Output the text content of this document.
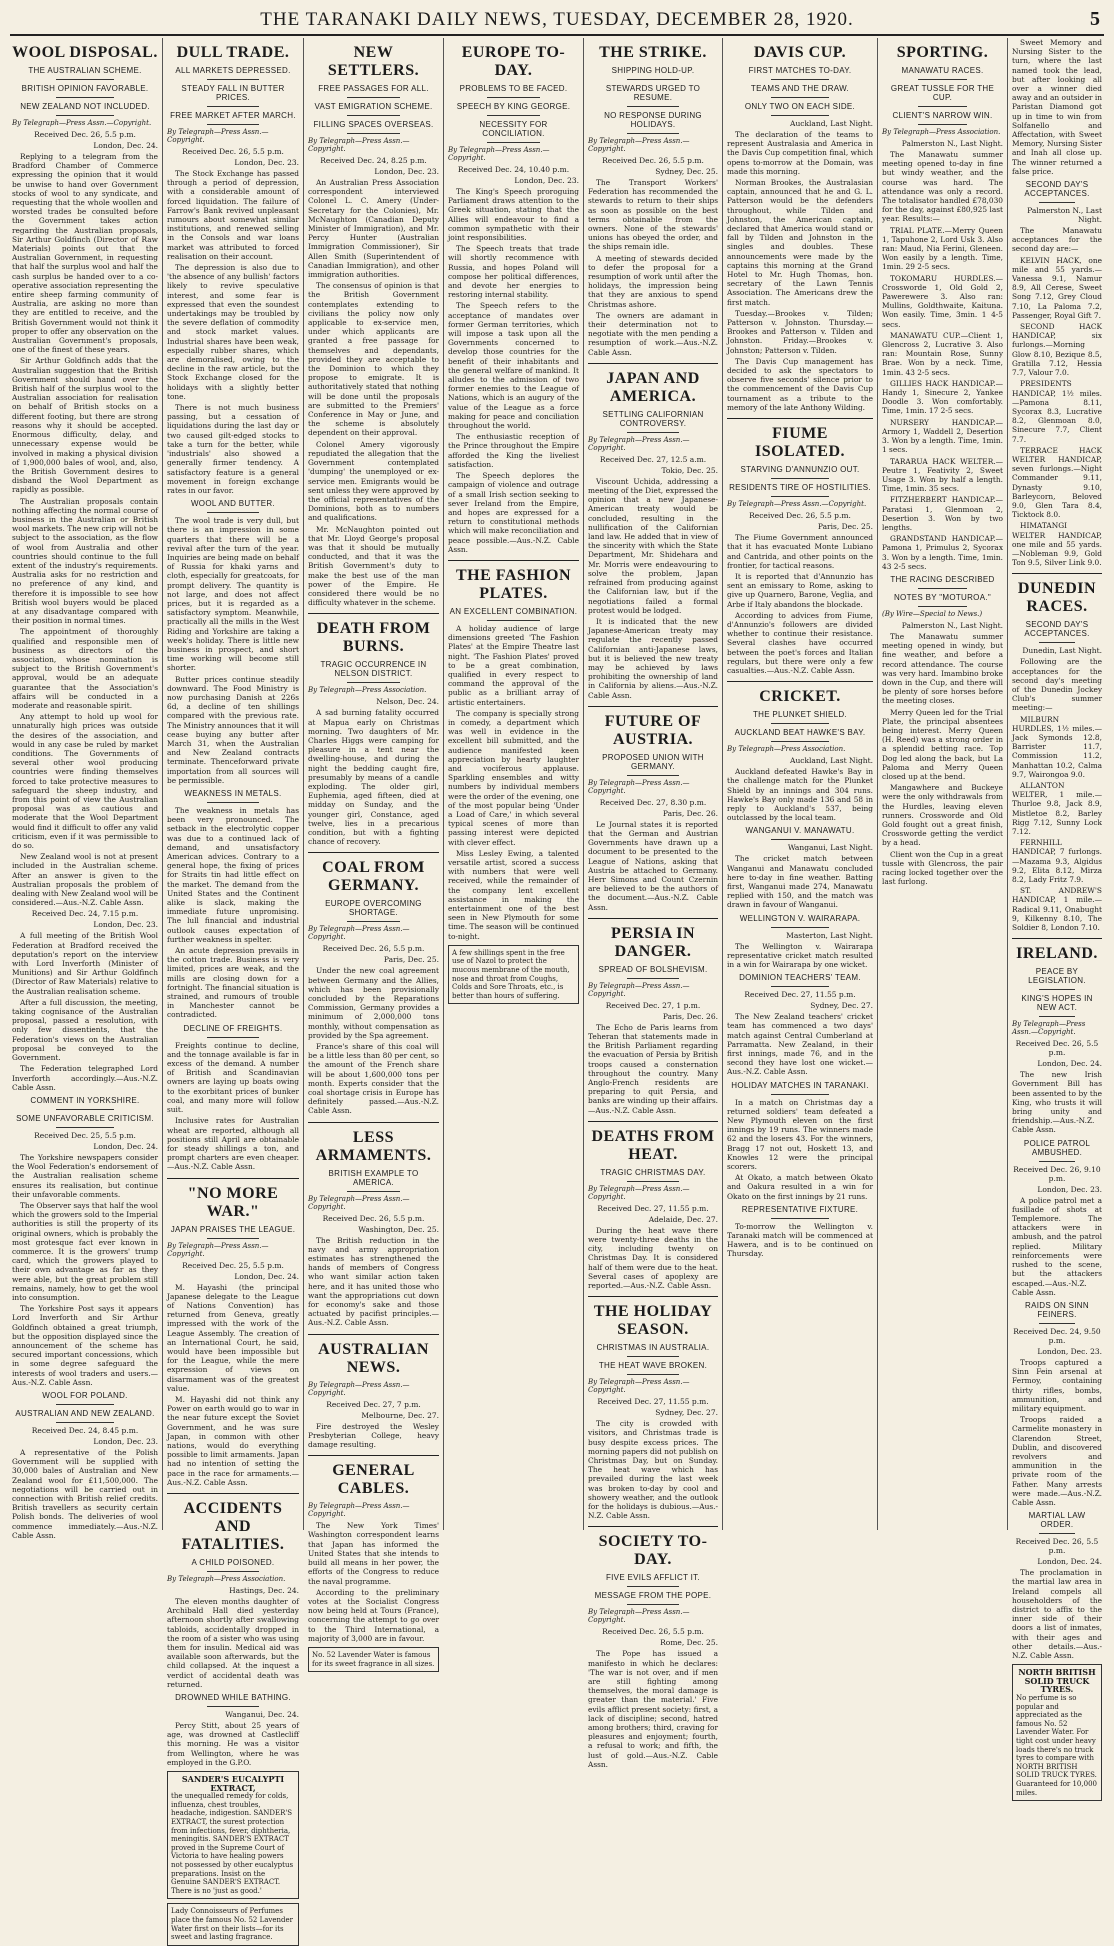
THE TARANAKI DAILY NEWS, TUESDAY, DECEMBER 28, 1920.	5
WOOL DISPOSAL.
THE AUSTRALIAN SCHEME.
BRITISH OPINION FAVORABLE.
NEW ZEALAND NOT INCLUDED.
By Telegraph—Press Assn.—Copyright.
Received Dec. 26, 5.5 p.m.
London, Dec. 24.

Replying to a telegram from the Bradford Chamber of Commerce expressing the opinion that it would be unwise to hand over Government stocks of wool to any syndicate, and requesting that the whole woollen and worsted trades be consulted before the Government takes action regarding the Australian proposals, Sir Arthur Goldfinch (Director of Raw Materials) points out that the Australian Government, in requesting that half the surplus wool and half the cash surplus be handed over to a co-operative association representing the entire sheep farming community of Australia, are asking no more than they are entitled to receive, and the British Government would not think it proper to offer any observation on the Australian Government's proposals, one of the finest of these years.

Sir Arthur Goldfinch adds that the Australian suggestion that the British Government should hand over the British half of the surplus wool to the Australian association for realisation on behalf of British stocks on a different footing, but there are strong reasons why it should be accepted. Enormous difficulty, delay, and unnecessary expense would be involved in making a physical division of 1,900,000 bales of wool, and, also, the British Government desires to disband the Wool Department as rapidly as possible.

The Australian proposals contain nothing affecting the normal course of business in the Australian or British wool markets. The new crip will not be subject to the association, as the flow of wool from Australia and other countries should continue to the full extent of the industry's requirements. Australia asks for no restriction and no preference of any kind, and therefore it is impossible to see how British wool buyers would be placed at any disadvantage compared with their position in normal times.

The appointment of thoroughly qualified and responsible men of business as directors of the association, whose nomination is subject to the British Government's approval, would be an adequate guarantee that the Association's affairs will be conducted in a moderate and reasonable spirit.

Any attempt to hold up wool for unnaturally high prices was outside the desires of the association, and would in any case be ruled by market conditions. The Governments of several other wool producing countries were finding themselves forced to take protective measures to safeguard the sheep industry, and from this point of view the Australian proposal was as cautious and moderate that the Wool Department would find it difficult to offer any valid criticism, even if it was permissible to do so.

New Zealand wool is not at present included in the Australian scheme. After an answer is given to the Australian proposals the problem of dealing with New Zealand wool will be considered.—Aus.-N.Z. Cable Assn.

Received Dec. 24, 7.15 p.m.
London, Dec. 23.

A full meeting of the British Wool Federation at Bradford received the deputation's report on the interview with Lord Inverforth (Minister of Munitions) and Sir Arthur Goldfinch (Director of Raw Materials) relative to the Australian realisation scheme.

After a full discussion, the meeting, taking cognisance of the Australian proposal, passed a resolution, with only few dissentients, that the Federation's views on the Australian proposal be conveyed to the Government.

The Federation telegraphed Lord Inverforth accordingly.—Aus.-N.Z. Cable Assn.

COMMENT IN YORKSHIRE.
SOME UNFAVORABLE CRITICISM.
Received Dec. 25, 5.5 p.m.
London, Dec. 24.

The Yorkshire newspapers consider the Wool Federation's endorsement of the Australian realisation scheme ensures its realisation, but continue their unfavorable comments.

The Observer says that half the wool which the growers sold to the Imperial authorities is still the property of its original owners, which is probably the most grotesque fact ever known in commerce. It is the growers' trump card, which the growers played to their own advantage as far as they were able, but the great problem still remains, namely, how to get the wool into consumption.

The Yorkshire Post says it appears Lord Inverforth and Sir Arthur Goldfinch obtained a great triumph, but the opposition displayed since the announcement of the scheme has secured important concessions, which in some degree safeguard the interests of wool traders and users.—Aus.-N.Z. Cable Assn.

WOOL FOR POLAND.
AUSTRALIAN AND NEW ZEALAND.
Received Dec. 24, 8.45 p.m.
London, Dec. 23.

A representative of the Polish Government will be supplied with 30,000 bales of Australian and New Zealand wool for £11,500,000. The negotiations will be carried out in connection with British relief credits. British travellers as security certain Polish bonds. The deliveries of wool commence immediately.—Aus.-N.Z. Cable Assn.

DULL TRADE.
ALL MARKETS DEPRESSED.
STEADY FALL IN BUTTER PRICES.
FREE MARKET AFTER MARCH.
By Telegraph—Press Assn.—Copyright.
Received Dec. 26, 5.5 p.m.
London, Dec. 23.

The Stock Exchange has passed through a period of depression, with a considerable amount of forced liquidation. The failure of Farrow's Bank revived unpleasant rumours about somewhat similar institutions, and renewed selling in the Consols and war loans market was attributed to forced realisation on their account.

The depression is also due to 'the absence of any bullish' factors likely to revive speculative interest, and some fear is expressed that even the soundest undertakings may be troubled by the severe deflation of commodity and stock market values. Industrial shares have been weak, especially rubber shares, which are demoralised, owing to the decline in the raw article, but the Stock Exchange closed for the holidays with a slightly better tone.

There is not much business passing, but a cessation of liquidations during the last day or two caused gilt-edged stocks to take a turn for the better, while 'industrials' also showed a generally firmer tendency. A satisfactory feature is a general movement in foreign exchange rates in our favor.

WOOL AND BUTTER.

The wool trade is very dull, but there is an impression in some quarters that there will be a revival after the turn of the year. Inquiries are being made on behalf of Russia for khaki yarns and cloth, especially for greatcoats, for prompt delivery. The quantity is not large, and does not affect prices, but it is regarded as a satisfactory symptom. Meanwhile, practically all the mills in the West Riding and Yorkshire are taking a week's holiday. There is little new business in prospect, and short time working will become still shorter.

Butter prices continue steadily downward. The Food Ministry is now purchasing Danish at 226s 6d, a decline of ten shillings compared with the previous rate. The Ministry announces that it will cease buying any butter after March 31, when the Australian and New Zealand contracts terminate. Thenceforward private importation from all sources will be permissible.

WEAKNESS IN METALS.

The weakness in metals has been very pronounced. The setback in the electrolytic copper was due to a continued lack of demand, and unsatisfactory American advices. Contrary to a general hope, the fixing of prices for Straits tin had little effect on the market. The demand from the United States and the Continent alike is slack, making the immediate future unpromising. The lull financial and industrial outlook causes expectation of further weakness in spelter.

An acute depression prevails in the cotton trade. Business is very limited, prices are weak, and the mills are closing down for a fortnight. The financial situation is strained, and rumours of trouble in Manchester cannot be contradicted.

DECLINE OF FREIGHTS.

Freights continue to decline, and the tonnage available is far in excess of the demand. A number of British and Scandinavian owners are laying up boats owing to the exorbitant prices of bunker coal, and many more will follow suit.

Inclusive rates for Australian wheat are reported, although all positions still April are obtainable for steady shillings a ton, and prompt charters are even cheaper.—Aus.-N.Z. Cable Assn.

"NO MORE WAR."
JAPAN PRAISES THE LEAGUE.
By Telegraph—Press Assn.—Copyright.
Received Dec. 25, 5.5 p.m.
London, Dec. 24.

M. Hayashi (the principal Japanese delegate to the League of Nations Convention) has returned from Geneva, greatly impressed with the work of the League Assembly. The creation of an International Court, he said, would have been impossible but for the League, while the mere expression of views on disarmament was of the greatest value.

M. Hayashi did not think any Power on earth would go to war in the near future except the Soviet Government, and he was sure Japan, in common with other nations, would do everything possible to limit armaments. Japan had no intention of setting the pace in the race for armaments.—Aus.-N.Z. Cable Assn.

ACCIDENTS AND FATALITIES.
A CHILD POISONED.
By Telegraph—Press Association.
Hastings, Dec. 24.

The eleven months daughter of Archibald Hall died yesterday afternoon shortly after swallowing tabloids, accidentally dropped in the room of a sister who was using them for insulin. Medical aid was available soon afterwards, but the child collapsed. At the inquest a verdict of accidental death was returned.

DROWNED WHILE BATHING.
Wanganui, Dec. 24.

Percy Stitt, about 25 years of age, was drowned at Castlecliff this morning. He was a visitor from Wellington, where he was employed in the G.P.O.

SANDER'S EUCALYPTI EXTRACT,
the unequalled remedy for colds, influenza, chest troubles, headache, indigestion. SANDER'S EXTRACT, the surest protection from infections, fever, diphtheria, meningitis. SANDER'S EXTRACT proved in the Supreme Court of Victoria to have healing powers not possessed by other eucalyptus preparations. Insist on the Genuine SANDER'S EXTRACT. There is no 'just as good.'
Lady Connoisseurs of Perfumes place the famous No. 52 Lavender Water first on their lists—for its sweet and lasting fragrance.
NEW SETTLERS.
FREE PASSAGES FOR ALL.
VAST EMIGRATION SCHEME.
FILLING SPACES OVERSEAS.
By Telegraph—Press Assn.—Copyright.
Received Dec. 24, 8.25 p.m.
London, Dec. 23.

An Australian Press Association correspondent interviewed Colonel L. C. Amery (Under-Secretary for the Colonies), Mr. McNaughton (Canadian Deputy Minister of Immigration), and Mr. Percy Hunter (Australian Immigration Commissioner), Sir Allen Smith (Superintendent of Canadian Immigration), and other immigration authorities.

The consensus of opinion is that the British Government contemplates extending to civilians the policy now only applicable to ex-service men, under which applicants are granted a free passage for themselves and dependants, provided they are acceptable to the Dominion to which they propose to emigrate. It is authoritatively stated that nothing will be done until the proposals are submitted to the Premiers' Conference in May or June, and the scheme is absolutely dependent on their approval.

Colonel Amery vigorously repudiated the allegation that the Government contemplated 'dumping' the unemployed or ex-service men. Emigrants would be sent unless they were approved by the official representatives of the Dominions, both as to numbers and qualifications.

Mr. McNaughton pointed out that Mr. Lloyd George's proposal was that it should be mutually conducted, and that it was the British Government's duty to make the best use of the man power of the Empire. He considered there would be no difficulty whatever in the scheme.

DEATH FROM BURNS.
TRAGIC OCCURRENCE IN NELSON DISTRICT.
By Telegraph—Press Association.
Nelson, Dec. 24.

A sad burning fatality occurred at Mapua early on Christmas morning. Two daughters of Mr. Charles Higgs were camping for pleasure in a tent near the dwelling-house, and during the night the bedding caught fire, presumably by means of a candle exploding. The older girl, Euphemia, aged fifteen, died at midday on Sunday, and the younger girl, Constance, aged twelve, lies in a precarious condition, but with a fighting chance of recovery.

COAL FROM GERMANY.
EUROPE OVERCOMING SHORTAGE.
By Telegraph—Press Assn.—Copyright.
Received Dec. 26, 5.5 p.m.
Paris, Dec. 25.

Under the new coal agreement between Germany and the Allies, which has been provisionally concluded by the Reparations Commission, Germany provides a minimum of 2,000,000 tons monthly, without compensation as provided by the Spa agreement.

France's share of this coal will be a little less than 80 per cent, so the amount of the French share will be about 1,600,000 tons per month. Experts consider that the coal shortage crisis in Europe has definitely passed.—Aus.-N.Z. Cable Assn.

LESS ARMAMENTS.
BRITISH EXAMPLE TO AMERICA.
By Telegraph—Press Assn.—Copyright.
Received Dec. 26, 5.5 p.m.
Washington, Dec. 25.

The British reduction in the navy and army appropriation estimates has strengthened the hands of members of Congress who want similar action taken here, and it has united those who want the appropriations cut down for economy's sake and those actuated by pacifist principles.—Aus.-N.Z. Cable Assn.

AUSTRALIAN NEWS.
By Telegraph—Press Assn.—Copyright.
Received Dec. 27, 7 p.m.
Melbourne, Dec. 27.

Fire destroyed the Wesley Presbyterian College, heavy damage resulting.

GENERAL CABLES.
By Telegraph—Press Assn.—Copyright.

The New York Times' Washington correspondent learns that Japan has informed the United States that she intends to build all means in her power, the efforts of the Congress to reduce the naval programme.

According to the preliminary votes at the Socialist Congress now being held at Tours (France), concerning the attempt to go over to the Third International, a majority of 3,000 are in favour.

No. 52 Lavender Water is famous for its sweet fragrance in all sizes.
EUROPE TO-DAY.
PROBLEMS TO BE FACED.
SPEECH BY KING GEORGE.
NECESSITY FOR CONCILIATION.
By Telegraph—Press Assn.—Copyright.
Received Dec. 24, 10.40 p.m.
London, Dec. 23.

The King's Speech proroguing Parliament draws attention to the Greek situation, stating that the Allies will endeavour to find a common sympathetic with their joint responsibilities.

The Speech treats that trade will shortly recommence with Russia, and hopes Poland will compose her political differences, and devote her energies to restoring internal stability.

The Speech refers to the acceptance of mandates over former German territories, which will impose a task upon all the Governments concerned to develop those countries for the benefit of their inhabitants and the general welfare of mankind. It alludes to the admission of two former enemies to the League of Nations, which is an augury of the value of the League as a force making for peace and conciliation throughout the world.

The enthusiastic reception of the Prince throughout the Empire afforded the King the liveliest satisfaction.

The Speech deplores the campaign of violence and outrage of a small Irish section seeking to sever Ireland from the Empire, and hopes are expressed for a return to constitutional methods which will make reconciliation and peace possible.—Aus.-N.Z. Cable Assn.

THE FASHION PLATES.
AN EXCELLENT COMBINATION.

A holiday audience of large dimensions greeted 'The Fashion Plates' at the Empire Theatre last night. 'The Fashion Plates' proved to be a great combination, qualified in every respect to command the approval of the public as a brilliant array of artistic entertainers.

The company is specially strong in comedy, a department which was well in evidence in the excellent bill submitted, and the audience manifested keen appreciation by hearty laughter and vociferous applause. Sparkling ensembles and witty numbers by individual members were the order of the evening, one of the most popular being 'Under a Load of Care,' in which several typical scenes of more than passing interest were depicted with clever effect.

Miss Lesley Ewing, a talented versatile artist, scored a success with numbers that were well received, while the remainder of the company lent excellent assistance in making the entertainment one of the best seen in New Plymouth for some time. The season will be continued to-night.

A few shillings spent in the free use of Nazol to protect the mucous membrane of the mouth, nose and throat from Coughs, Colds and Sore Throats, etc., is better than hours of suffering.
THE STRIKE.
SHIPPING HOLD-UP.
STEWARDS URGED TO RESUME.
NO RESPONSE DURING HOLIDAYS.
By Telegraph—Press Assn.—Copyright.
Received Dec. 26, 5.5 p.m.
Sydney, Dec. 25.

The Transport Workers' Federation has recommended the stewards to return to their ships as soon as possible on the best terms obtainable from the owners. None of the stewards' unions has obeyed the order, and the ships remain idle.

A meeting of stewards decided to defer the proposal for a resumption of work until after the holidays, the impression being that they are anxious to spend Christmas ashore.

The owners are adamant in their determination not to negotiate with the men pending a resumption of work.—Aus.-N.Z. Cable Assn.

JAPAN AND AMERICA.
SETTLING CALIFORNIAN CONTROVERSY.
By Telegraph—Press Assn.—Copyright.
Received Dec. 27, 12.5 a.m.
Tokio, Dec. 25.

Viscount Uchida, addressing a meeting of the Diet, expressed the opinion that a new Japanese-American treaty would be concluded, resulting in the nullification of the Californian land law. He added that in view of the sincerity with which the State Department, Mr. Shidehara and Mr. Morris were endeavouring to solve the problem, Japan refrained from producing against the Californian law, but if the negotiations failed a formal protest would be lodged.

It is indicated that the new Japanese-American treaty may regulate the recently passed Californian anti-Japanese laws, but it is believed the new treaty may be achieved by laws prohibiting the ownership of land in California by aliens.—Aus.-N.Z. Cable Assn.

FUTURE OF AUSTRIA.
PROPOSED UNION WITH GERMANY.
By Telegraph—Press Assn.—Copyright.
Received Dec. 27, 8.30 p.m.
Paris, Dec. 26.

Le Journal states it is reported that the German and Austrian Governments have drawn up a document to be presented to the League of Nations, asking that Austria be attached to Germany. Herr Simons and Count Czernin are believed to be the authors of the document.—Aus.-N.Z. Cable Assn.

PERSIA IN DANGER.
SPREAD OF BOLSHEVISM.
By Telegraph—Press Assn.—Copyright.
Received Dec. 27, 1 p.m.
Paris, Dec. 26.

The Echo de Paris learns from Teheran that statements made in the British Parliament regarding the evacuation of Persia by British troops caused a consternation throughout the country. Many Anglo-French residents are preparing to quit Persia, and banks are winding up their affairs.—Aus.-N.Z. Cable Assn.

DEATHS FROM HEAT.
TRAGIC CHRISTMAS DAY.
By Telegraph—Press Assn.—Copyright.
Received Dec. 27, 11.55 p.m.
Adelaide, Dec. 27.

During the heat wave there were twenty-three deaths in the city, including twenty on Christmas Day. It is considered half of them were due to the heat. Several cases of apoplexy are reported.—Aus.-N.Z. Cable Assn.

THE HOLIDAY SEASON.
CHRISTMAS IN AUSTRALIA.
THE HEAT WAVE BROKEN.
By Telegraph—Press Assn.—Copyright.
Received Dec. 27, 11.55 p.m.
Sydney, Dec. 27.

The city is crowded with visitors, and Christmas trade is busy despite excess prices. The morning papers did not publish on Christmas Day, but on Sunday. The heat wave which has prevailed during the last week was broken to-day by cool and showery weather, and the outlook for the holidays is dubious.—Aus.-N.Z. Cable Assn.

SOCIETY TO-DAY.
FIVE EVILS AFFLICT IT.
MESSAGE FROM THE POPE.
By Telegraph—Press Assn.—Copyright.
Received Dec. 26, 5.5 p.m.
Rome, Dec. 25.

The Pope has issued a manifesto in which he declares: 'The war is not over, and if men are still fighting among themselves, the moral damage is greater than the material.' Five evils afflict present society: first, a lack of discipline; second, hatred among brothers; third, craving for pleasures and enjoyment; fourth, a refusal to work; and fifth, the lust of gold.—Aus.-N.Z. Cable Assn.

DAVIS CUP.
FIRST MATCHES TO-DAY.
TEAMS AND THE DRAW.
ONLY TWO ON EACH SIDE.
Auckland, Last Night.

The declaration of the teams to represent Australasia and America in the Davis Cup competition final, which opens to-morrow at the Domain, was made this morning.

Norman Brookes, the Australasian captain, announced that he and G. L. Patterson would be the defenders throughout, while Tilden and Johnston, the American captain, declared that America would stand or fall by Tilden and Johnston in the singles and doubles. These announcements were made by the captains this morning at the Grand Hotel to Mr. Hugh Thomas, hon. secretary of the Lawn Tennis Association. The Americans drew the first match.

Tuesday.—Brookes v. Tilden; Patterson v. Johnston. Thursday.—Brookes and Patterson v. Tilden and Johnston. Friday.—Brookes v. Johnston; Patterson v. Tilden.

The Davis Cup management has decided to ask the spectators to observe five seconds' silence prior to the commencement of the Davis Cup tournament as a tribute to the memory of the late Anthony Wilding.

FIUME ISOLATED.
STARVING D'ANNUNZIO OUT.
RESIDENTS TIRE OF HOSTILITIES.
By Telegraph—Press Assn.—Copyright.
Received Dec. 26, 5.5 p.m.
Paris, Dec. 25.

The Fiume Government announced that it has evacuated Monte Lubiano and Cantrida, and other points on the frontier, for tactical reasons.

It is reported that d'Annunzio has sent an emissary to Rome, asking to give up Quarnero, Barone, Veglia, and Arbe if Italy abandons the blockade.

According to advices from Fiume, d'Annunzio's followers are divided whether to continue their resistance. Several clashes have occurred between the poet's forces and Italian regulars, but there were only a few casualties.—Aus.-N.Z. Cable Assn.

CRICKET.
THE PLUNKET SHIELD.
AUCKLAND BEAT HAWKE'S BAY.
By Telegraph—Press Association.
Auckland, Last Night.

Auckland defeated Hawke's Bay in the challenge match for the Plunket Shield by an innings and 304 runs. Hawke's Bay only made 136 and 58 in reply to Auckland's 537, being outclassed by the local team.

WANGANUI V. MANAWATU.
Wanganui, Last Night.

The cricket match between Wanganui and Manawatu concluded here to-day in fine weather. Batting first, Wanganui made 274, Manawatu replied with 150, and the match was drawn in favour of Wanganui.

WELLINGTON V. WAIRARAPA.
Masterton, Last Night.

The Wellington v. Wairarapa representative cricket match resulted in a win for Wairarapa by one wicket.

DOMINION TEACHERS' TEAM.
Received Dec. 27, 11.55 p.m.
Sydney, Dec. 27.

The New Zealand teachers' cricket team has commenced a two days' match against Central Cumberland at Parramatta. New Zealand, in their first innings, made 76, and in the second they have lost one wicket.—Aus.-N.Z. Cable Assn.

HOLIDAY MATCHES IN TARANAKI.

In a match on Christmas day a returned soldiers' team defeated a New Plymouth eleven on the first innings by 19 runs. The winners made 62 and the losers 43. For the winners, Bragg 17 not out, Hoskett 13, and Knowles 12 were the principal scorers.

At Okato, a match between Okato and Oakura resulted in a win for Okato on the first innings by 21 runs.

REPRESENTATIVE FIXTURE.

To-morrow the Wellington v. Taranaki match will be commenced at Hawera, and is to be continued on Thursday.

SPORTING.
MANAWATU RACES.
GREAT TUSSLE FOR THE CUP.
CLIENT'S NARROW WIN.
By Telegraph—Press Association.
Palmerston N., Last Night.

The Manawatu summer meeting opened to-day in fine but windy weather, and the course was hard. The attendance was only a record. The totalisator handled £78,030 for the day, against £80,925 last year. Results:—

TRIAL PLATE.—Merry Queen 1, Tapuhone 2, Lord Usk 3. Also ran: Maud, Nia Ferini, Gleneen. Won easily by a length. Time, 1min. 29 2-5 secs.

TOKOMARU HURDLES.—Crossworde 1, Old Gold 2, Pawerewere 3. Also ran: Mullins, Goldthwaite, Kaituna. Won easily. Time, 3min. 1 4-5 secs.

MANAWATU CUP.—Client 1, Glencross 2, Lucrative 3. Also ran: Mountain Rose, Sunny Brae. Won by a neck. Time, 1min. 43 2-5 secs.

GILLIES HACK HANDICAP.—Handy 1, Sinecure 2, Yankee Doodle 3. Won comfortably. Time, 1min. 17 2-5 secs.

NURSERY HANDICAP.—Armory 1, Waddell 2, Desertion 3. Won by a length. Time, 1min. 1 secs.

TARARUA HACK WELTER.—Peutre 1, Feativity 2, Sweet Usage 3. Won by half a length. Time, 1min. 35 secs.

FITZHERBERT HANDICAP.—Paratasi 1, Glenmoan 2, Desertion 3. Won by two lengths.

GRANDSTAND HANDICAP.—Pamona 1, Primulus 2, Sycorax 3. Won by a length. Time, 1min. 43 2-5 secs.

THE RACING DESCRIBED
NOTES BY "MOTUROA."
(By Wire—Special to News.)
Palmerston N., Last Night.

The Manawatu summer meeting opened in windy, but fine weather, and before a record attendance. The course was very hard. Imambino broke down in the Cup, and there will be plenty of sore horses before the meeting closes.

Merry Queen led for the Trial Plate, the principal absentees being interest. Merry Queen (H. Reed) was a strong order in a splendid betting race. Top Dog led along the back, but La Paloma and Merry Queen closed up at the bend.

Mangawhere and Buckeye were the only withdrawals from the Hurdles, leaving eleven runners. Crossworde and Old Gold fought out a great finish, Crossworde getting the verdict by a head.

Client won the Cup in a great tussle with Glencross, the pair racing locked together over the last furlong.

Sweet Memory and Nursing Sister to the turn, where the last named took the lead, but after looking all over a winner died away and an outsider in Paristan Diamond got up in time to win from Solfanello and Affectation, with Sweet Memory, Nursing Sister and Inah all close up. The winner returned a false price.

SECOND DAY'S ACCEPTANCES.
Palmerston N., Last Night.

The Manawatu acceptances for the second day are:—

KELVIN HACK, one mile and 55 yards.—Vanessa 9.1, Namur 8.9, All Cerese, Sweet Song 7.12, Grey Cloud 7.10, La Paloma 7.2, Passenger, Royal Gift 7.

SECOND HACK HANDICAP, six furlongs.—Morning Glow 8.10, Bezique 8.5, Gratilla 7.12, Hessia 7.7, Valour 7.0.

PRESIDENTS HANDICAP, 1½ miles.—Pamona 8.11, Sycorax 8.3, Lucrative 8.2, Glenmoan 8.0, Sinecure 7.7, Client 7.7.

TERRACE HACK WELTER HANDICAP, seven furlongs.—Night Commander 9.11, Dynasty 9.10, Barleycorn, Beloved 9.0, Glen Tara 8.4, Ticktock 8.0.

HIMATANGI WELTER HANDICAP, one mile and 55 yards.—Nobleman 9.9, Gold Ton 9.5, Silver Link 9.0.

DUNEDIN RACES.
SECOND DAY'S ACCEPTANCES.
Dunedin, Last Night.

Following are the acceptances for the second day's meeting of the Dunedin Jockey Club's summer meeting:—

MILBURN HURDLES, 1½ miles.—Jack Symonds 12.8, Barrister 11.7, Commission 11.2, Manhattan 10.2, Calma 9.7, Wairongoa 9.0.

ALLANTON WELTER, 1 mile.—Thurloe 9.8, Jack 8.9, Mistletoe 8.2, Barley Rigg 7.12, Sunny Lock 7.12.

FERNHILL HANDICAP, 7 furlongs.—Mazama 9.3, Algidus 9.2, Elita 8.12, Mirza 8.2, Lady Fritz 7.9.

ST. ANDREW'S HANDICAP, 1 mile.—Radical 9.11, Onabught 9, Kilkenny 8.10, The Soldier 8, London 7.10.

IRELAND.
PEACE BY LEGISLATION.
KING'S HOPES IN NEW ACT.
By Telegraph—Press Assn.—Copyright.
Received Dec. 26, 5.5 p.m.
London, Dec. 24.

The new Irish Government Bill has been assented to by the King, who trusts it will bring unity and friendship.—Aus.-N.Z. Cable Assn.

POLICE PATROL AMBUSHED.
Received Dec. 26, 9.10 p.m.
London, Dec. 23.

A police patrol met a fusillade of shots at Templemore. The attackers were in ambush, and the patrol replied. Military reinforcements were rushed to the scene, but the attackers escaped.—Aus.-N.Z. Cable Assn.

RAIDS ON SINN FEINERS.
Received Dec. 24, 9.50 p.m.
London, Dec. 23.

Troops captured a Sinn Fein arsenal at Fermoy, containing thirty rifles, bombs, ammunition, and military equipment.

Troops raided a Carmelite monastery in Clarendon Street, Dublin, and discovered revolvers and ammunition in the private room of the Father. Many arrests were made.—Aus.-N.Z. Cable Assn.

MARTIAL LAW ORDER.
Received Dec. 26, 5.5 p.m.
London, Dec. 24.

The proclamation in the martial law area in Ireland compels all householders of the district to affix to the inner side of their doors a list of inmates, with their ages and other details.—Aus.-N.Z. Cable Assn.

NORTH BRITISH SOLID TRUCK TYRES.
No perfume is so popular and appreciated as the famous No. 52 Lavender Water. For tight cost under heavy loads there's no truck tyres to compare with NORTH BRITISH SOLID TRUCK TYRES. Guaranteed for 10,000 miles.
